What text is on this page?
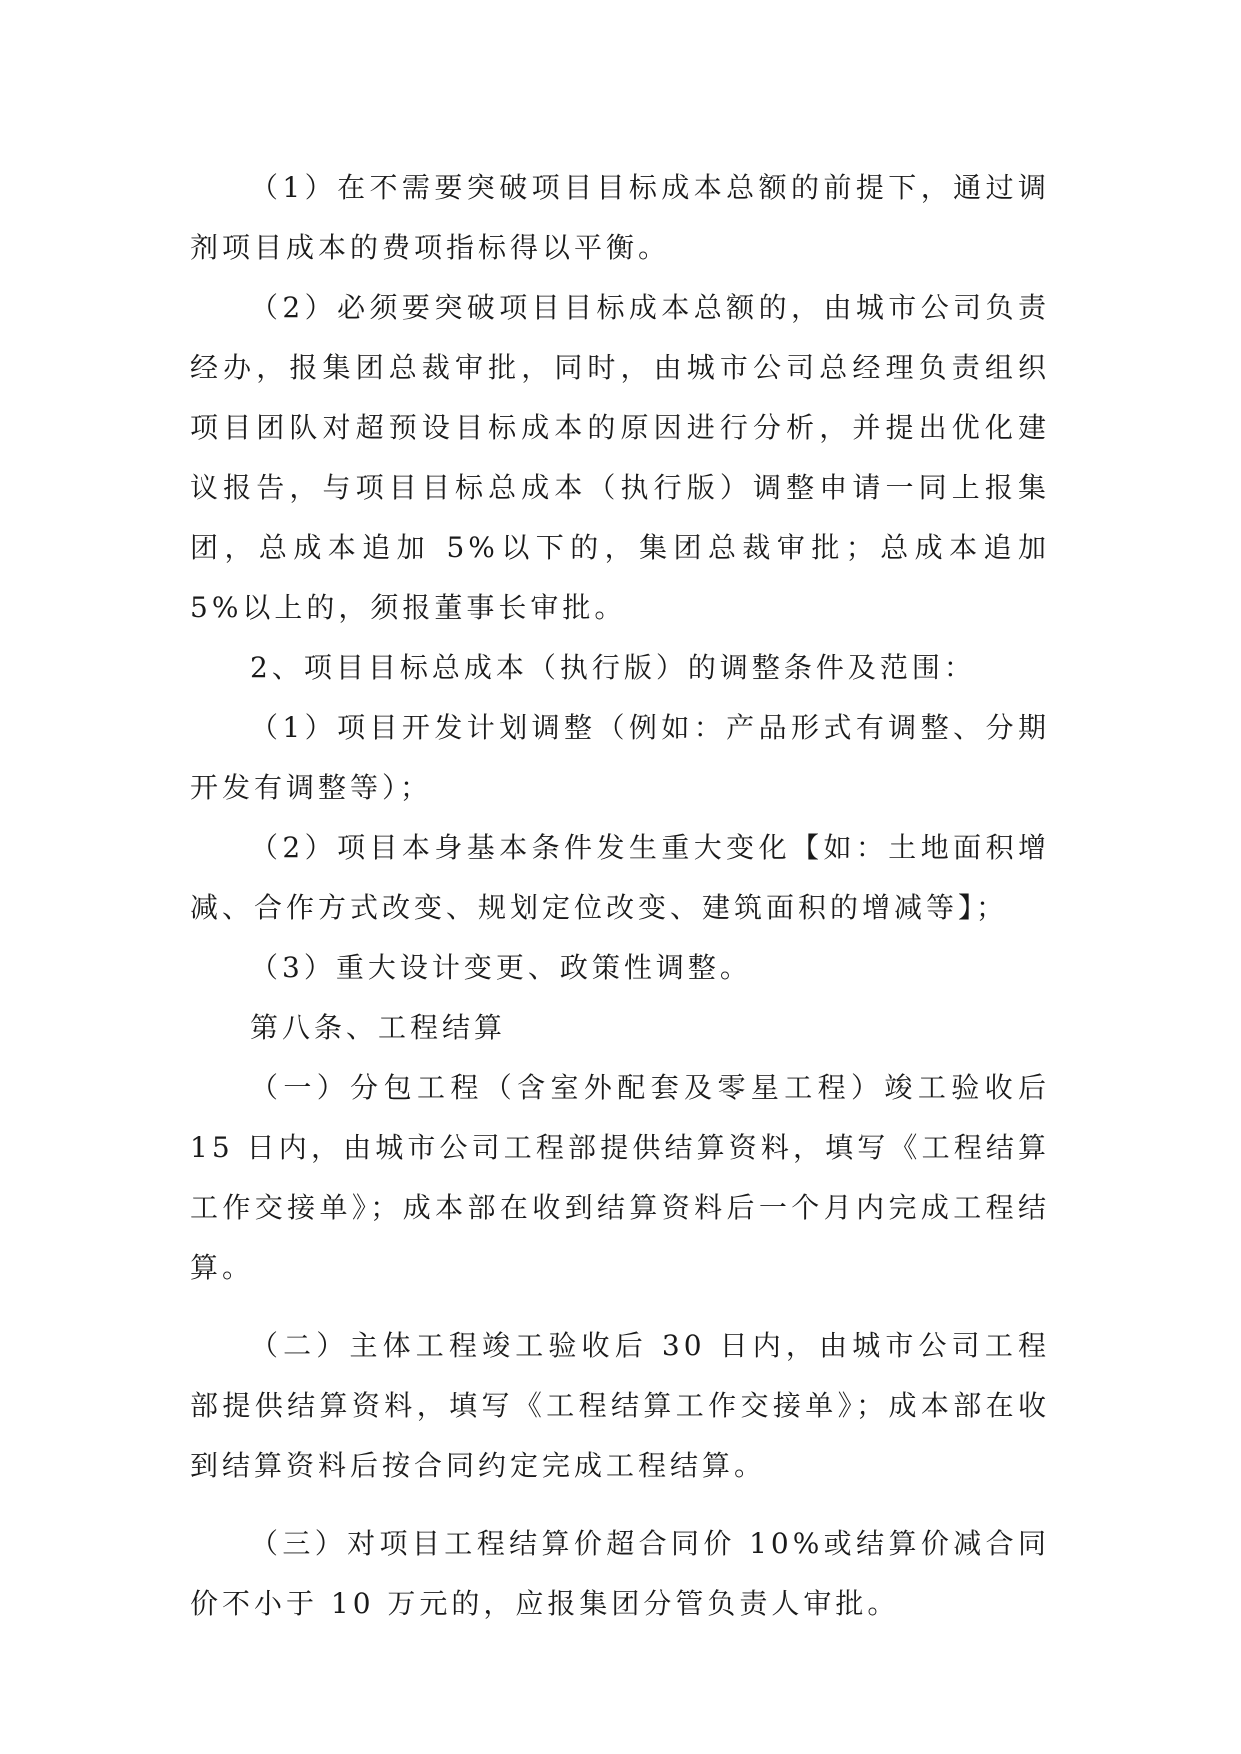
（1）在不需要突破项目目标成本总额的前提下，通过调剂项目成本的费项指标得以平衡。

（2）必须要突破项目目标成本总额的，由城市公司负责经办，报集团总裁审批，同时，由城市公司总经理负责组织项目团队对超预设目标成本的原因进行分析，并提出优化建议报告，与项目目标总成本（执行版）调整申请一同上报集团，总成本追加 5%以下的，集团总裁审批；总成本追加 5%以上的，须报董事长审批。

2、项目目标总成本（执行版）的调整条件及范围：

（1）项目开发计划调整（例如：产品形式有调整、分期开发有调整等）；

（2）项目本身基本条件发生重大变化【如：土地面积增减、合作方式改变、规划定位改变、建筑面积的增减等】；

（3）重大设计变更、政策性调整。

第八条、工程结算

（一）分包工程（含室外配套及零星工程）竣工验收后 15 日内，由城市公司工程部提供结算资料，填写《工程结算工作交接单》；成本部在收到结算资料后一个月内完成工程结算。

（二）主体工程竣工验收后 30 日内，由城市公司工程部提供结算资料，填写《工程结算工作交接单》；成本部在收到结算资料后按合同约定完成工程结算。

（三）对项目工程结算价超合同价 10%或结算价减合同价不小于 10 万元的，应报集团分管负责人审批。
